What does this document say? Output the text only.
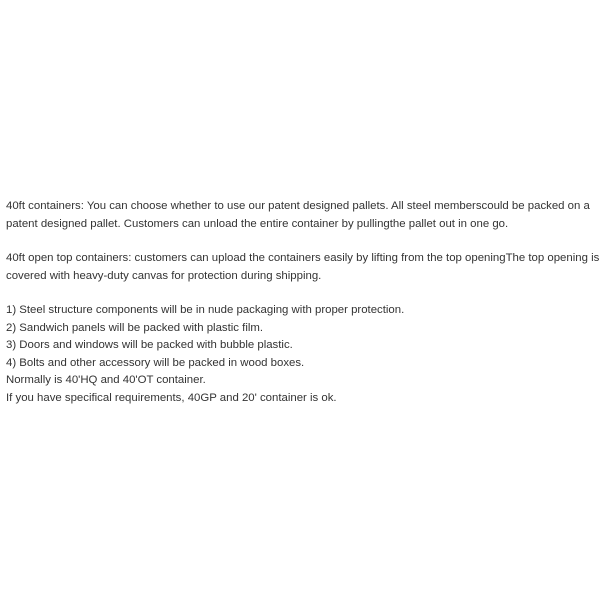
40ft containers: You can choose whether to use our patent designed pallets. All steel memberscould be packed on a
patent designed pallet. Customers can unload the entire container by pullingthe pallet out in one go.

40ft open top containers: customers can upload the containers easily by lifting from the top openingThe top opening is
covered with heavy-duty canvas for protection during shipping.

1) Steel structure components will be in nude packaging with proper protection.
2) Sandwich panels will be packed with plastic film.
3) Doors and windows will be packed with bubble plastic.
4) Bolts and other accessory will be packed in wood boxes.
Normally is 40'HQ and 40'OT container.
If you have specifical requirements, 40GP and 20' container is ok.
